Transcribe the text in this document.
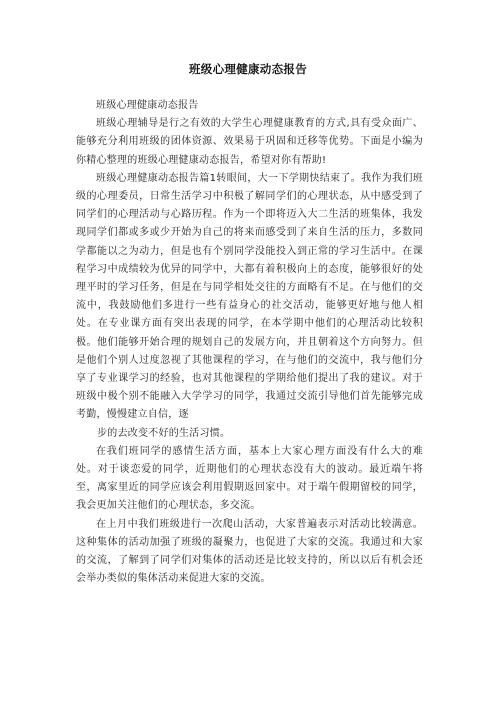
班级心理健康动态报告

班级心理健康动态报告

班级心理辅导是行之有效的大学生心理健康教育的方式,具有受众面广、能够充分利用班级的团体资源、效果易于巩固和迁移等优势。下面是小编为你精心整理的班级心理健康动态报告，希望对你有帮助!

班级心理健康动态报告篇1转眼间，大一下学期快结束了。我作为我们班级的心理委员，日常生活学习中积极了解同学们的心理状态，从中感受到了同学们的心理活动与心路历程。作为一个即将迈入大二生活的班集体，我发现同学们都或多或少开始为自己的将来而感受到了来自生活的压力，多数同学都能以之为动力，但是也有个别同学没能投入到正常的学习生活中。在课程学习中成绩较为优异的同学中，大都有着积极向上的态度，能够很好的处理平时的学习任务，但是在与同学相处交往的方面略有不足。在与他们的交流中，我鼓励他们多进行一些有益身心的社交活动，能够更好地与他人相处。在专业课方面有突出表现的同学，在本学期中他们的心理活动比较积极。他们能够开始合理的规划自己的发展方向，并且朝着这个方向努力。但是他们个别人过度忽视了其他课程的学习，在与他们的交流中，我与他们分享了专业课学习的经验，也对其他课程的学期给他们提出了我的建议。对于班级中极个别不能融入大学学习的同学，我通过交流引导他们首先能够完成考勤，慢慢建立自信，逐

步的去改变不好的生活习惯。

在我们班同学的感情生活方面，基本上大家心理方面没有什么大的难处。对于谈恋爱的同学，近期他们的心理状态没有大的波动。最近端午将至，离家里近的同学应该会利用假期返回家中。对于端午假期留校的同学，我会更加关注他们的心理状态，多交流。

在上月中我们班级进行一次爬山活动，大家普遍表示对活动比较满意。这种集体的活动加强了班级的凝聚力，也促进了大家的交流。我通过和大家的交流，了解到了同学们对集体的活动还是比较支持的，所以以后有机会还会举办类似的集体活动来促进大家的交流。
